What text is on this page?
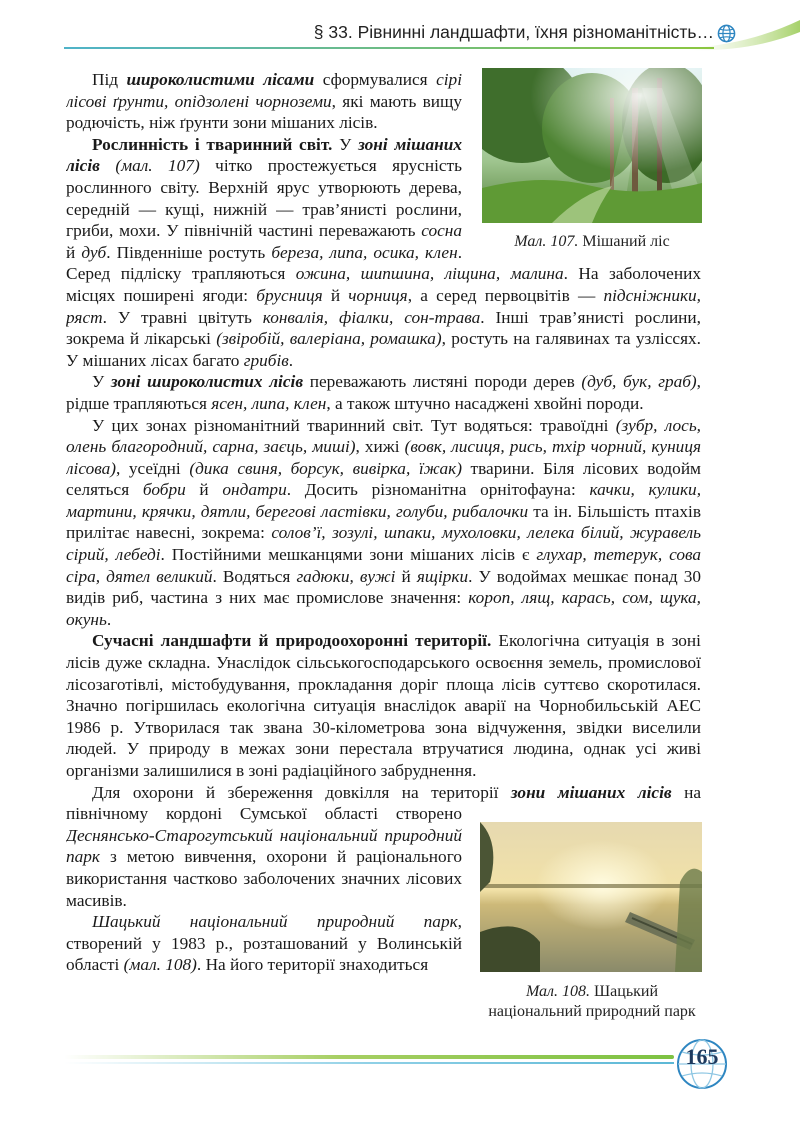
§ 33. Рівнинні ландшафти, їхня різноманітність…

Під широколистими лісами сформувалися сірі лісові ґрунти, опідзолені чорноземи, які мають вищу родючість, ніж ґрунти зони мішаних лісів.

Рослинність і тваринний світ. У зоні мішаних лісів (мал. 107) чітко простежується ярусність рослинного світу. Верхній ярус утворюють дерева, середній — кущі, нижній — трав’янисті рослини, гриби, мохи. У північній частині переважають сосна й дуб. Південніше ростуть береза, липа, осика, клен. Серед підліску трапляються ожина, шипшина, ліщина, малина. На заболочених місцях поширені ягоди: брусниця й чорниця, а серед первоцвітів — підсніжники, ряст. У травні цвітуть конвалія, фіалки, сон-трава. Інші трав’янисті рослини, зокрема й лікарські (звіробій, валеріана, ромашка), ростуть на галявинах та узліссях. У мішаних лісах багато грибів.

У зоні широколистих лісів переважають листяні породи дерев (дуб, бук, граб), рідше трапляються ясен, липа, клен, а також штучно насаджені хвойні породи.

У цих зонах різноманітний тваринний світ. Тут водяться: травоїдні (зубр, лось, олень благородний, сарна, заєць, миші), хижі (вовк, лисиця, рись, тхір чорний, куниця лісова), усеїдні (дика свиня, борсук, вивірка, їжак) тварини. Біля лісових водойм селяться бобри й ондатри. Досить різноманітна орнітофауна: качки, кулики, мартини, крячки, дятли, берегові ластівки, голуби, рибалочки та ін. Більшість птахів прилітає навесні, зокрема: солов’ї, зозулі, шпаки, мухоловки, лелека білий, журавель сірий, лебеді. Постійними мешканцями зони мішаних лісів є глухар, тетерук, сова сіра, дятел великий. Водяться гадюки, вужі й ящірки. У водоймах мешкає понад 30 видів риб, частина з них має промислове значення: короп, лящ, карась, сом, щука, окунь.

Сучасні ландшафти й природоохоронні території. Екологічна ситуація в зоні лісів дуже складна. Унаслідок сільськогосподарського освоєння земель, промислової лісозаготівлі, містобудування, прокладання доріг площа лісів суттєво скоротилася. Значно погіршилась екологічна ситуація внаслідок аварії на Чорнобильській АЕС 1986 р. Утворилася так звана 30-кілометрова зона відчуження, звідки виселили людей. У природу в межах зони перестала втручатися людина, однак усі живі організми залишилися в зоні радіаційного забруднення.

Для охорони й збереження довкілля на території зони мішаних лісів на північному кордоні Сумської області створено Деснянсько-Старогутський національний природний парк з метою вивчення, охорони й раціонального використання частково заболочених значних лісових масивів.

Шацький національний природний парк, створений у 1983 р., розташований у Волинській області (мал. 108). На його території знаходиться

Мал. 107. Мішаний ліс
Мал. 108. Шацький
національний природний парк
165
